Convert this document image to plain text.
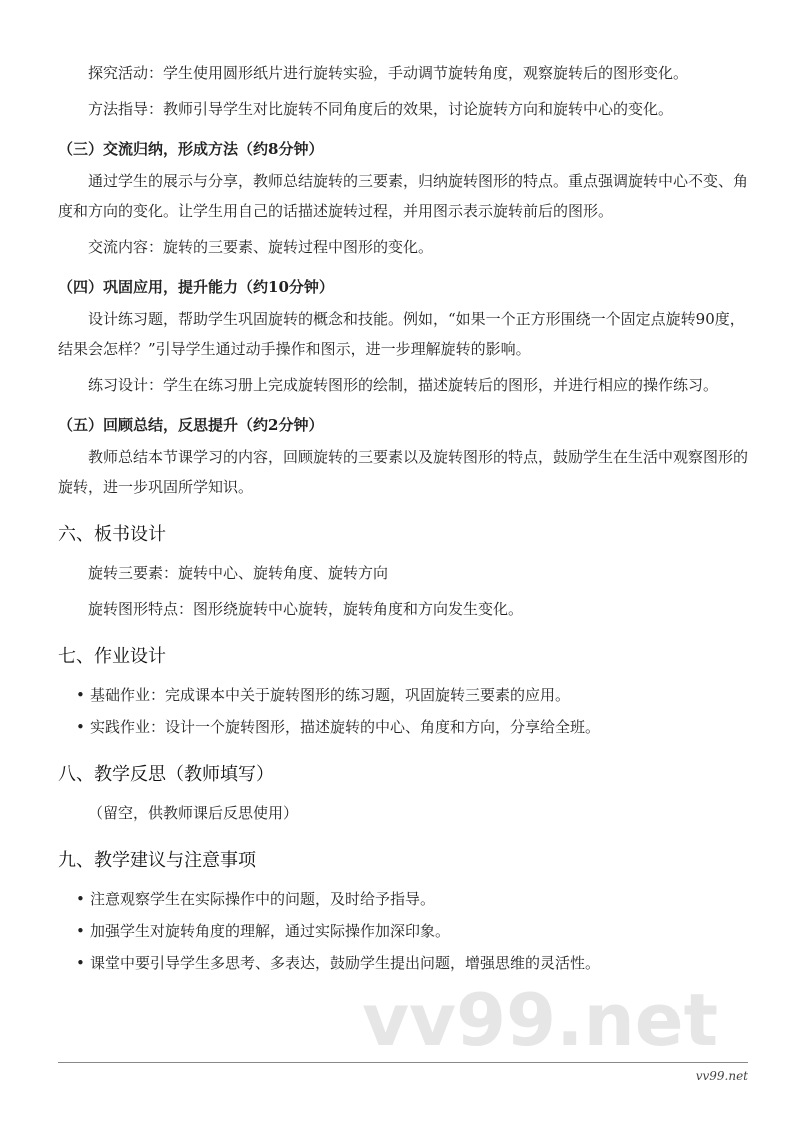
探究活动：学生使用圆形纸片进行旋转实验，手动调节旋转角度，观察旋转后的图形变化。
方法指导：教师引导学生对比旋转不同角度后的效果，讨论旋转方向和旋转中心的变化。
（三）交流归纳，形成方法（约8分钟）
通过学生的展示与分享，教师总结旋转的三要素，归纳旋转图形的特点。重点强调旋转中心不变、角度和方向的变化。让学生用自己的话描述旋转过程，并用图示表示旋转前后的图形。
交流内容：旋转的三要素、旋转过程中图形的变化。
（四）巩固应用，提升能力（约10分钟）
设计练习题，帮助学生巩固旋转的概念和技能。例如，“如果一个正方形围绕一个固定点旋转90度，结果会怎样？”引导学生通过动手操作和图示，进一步理解旋转的影响。
练习设计：学生在练习册上完成旋转图形的绘制，描述旋转后的图形，并进行相应的操作练习。
（五）回顾总结，反思提升（约2分钟）
教师总结本节课学习的内容，回顾旋转的三要素以及旋转图形的特点，鼓励学生在生活中观察图形的旋转，进一步巩固所学知识。
六、板书设计
旋转三要素：旋转中心、旋转角度、旋转方向
旋转图形特点：图形绕旋转中心旋转，旋转角度和方向发生变化。
七、作业设计
• 基础作业：完成课本中关于旋转图形的练习题，巩固旋转三要素的应用。
• 实践作业：设计一个旋转图形，描述旋转的中心、角度和方向，分享给全班。
八、教学反思（教师填写）
（留空，供教师课后反思使用）
九、教学建议与注意事项
• 注意观察学生在实际操作中的问题，及时给予指导。
• 加强学生对旋转角度的理解，通过实际操作加深印象。
• 课堂中要引导学生多思考、多表达，鼓励学生提出问题，增强思维的灵活性。
vv99.net
vv99.net
